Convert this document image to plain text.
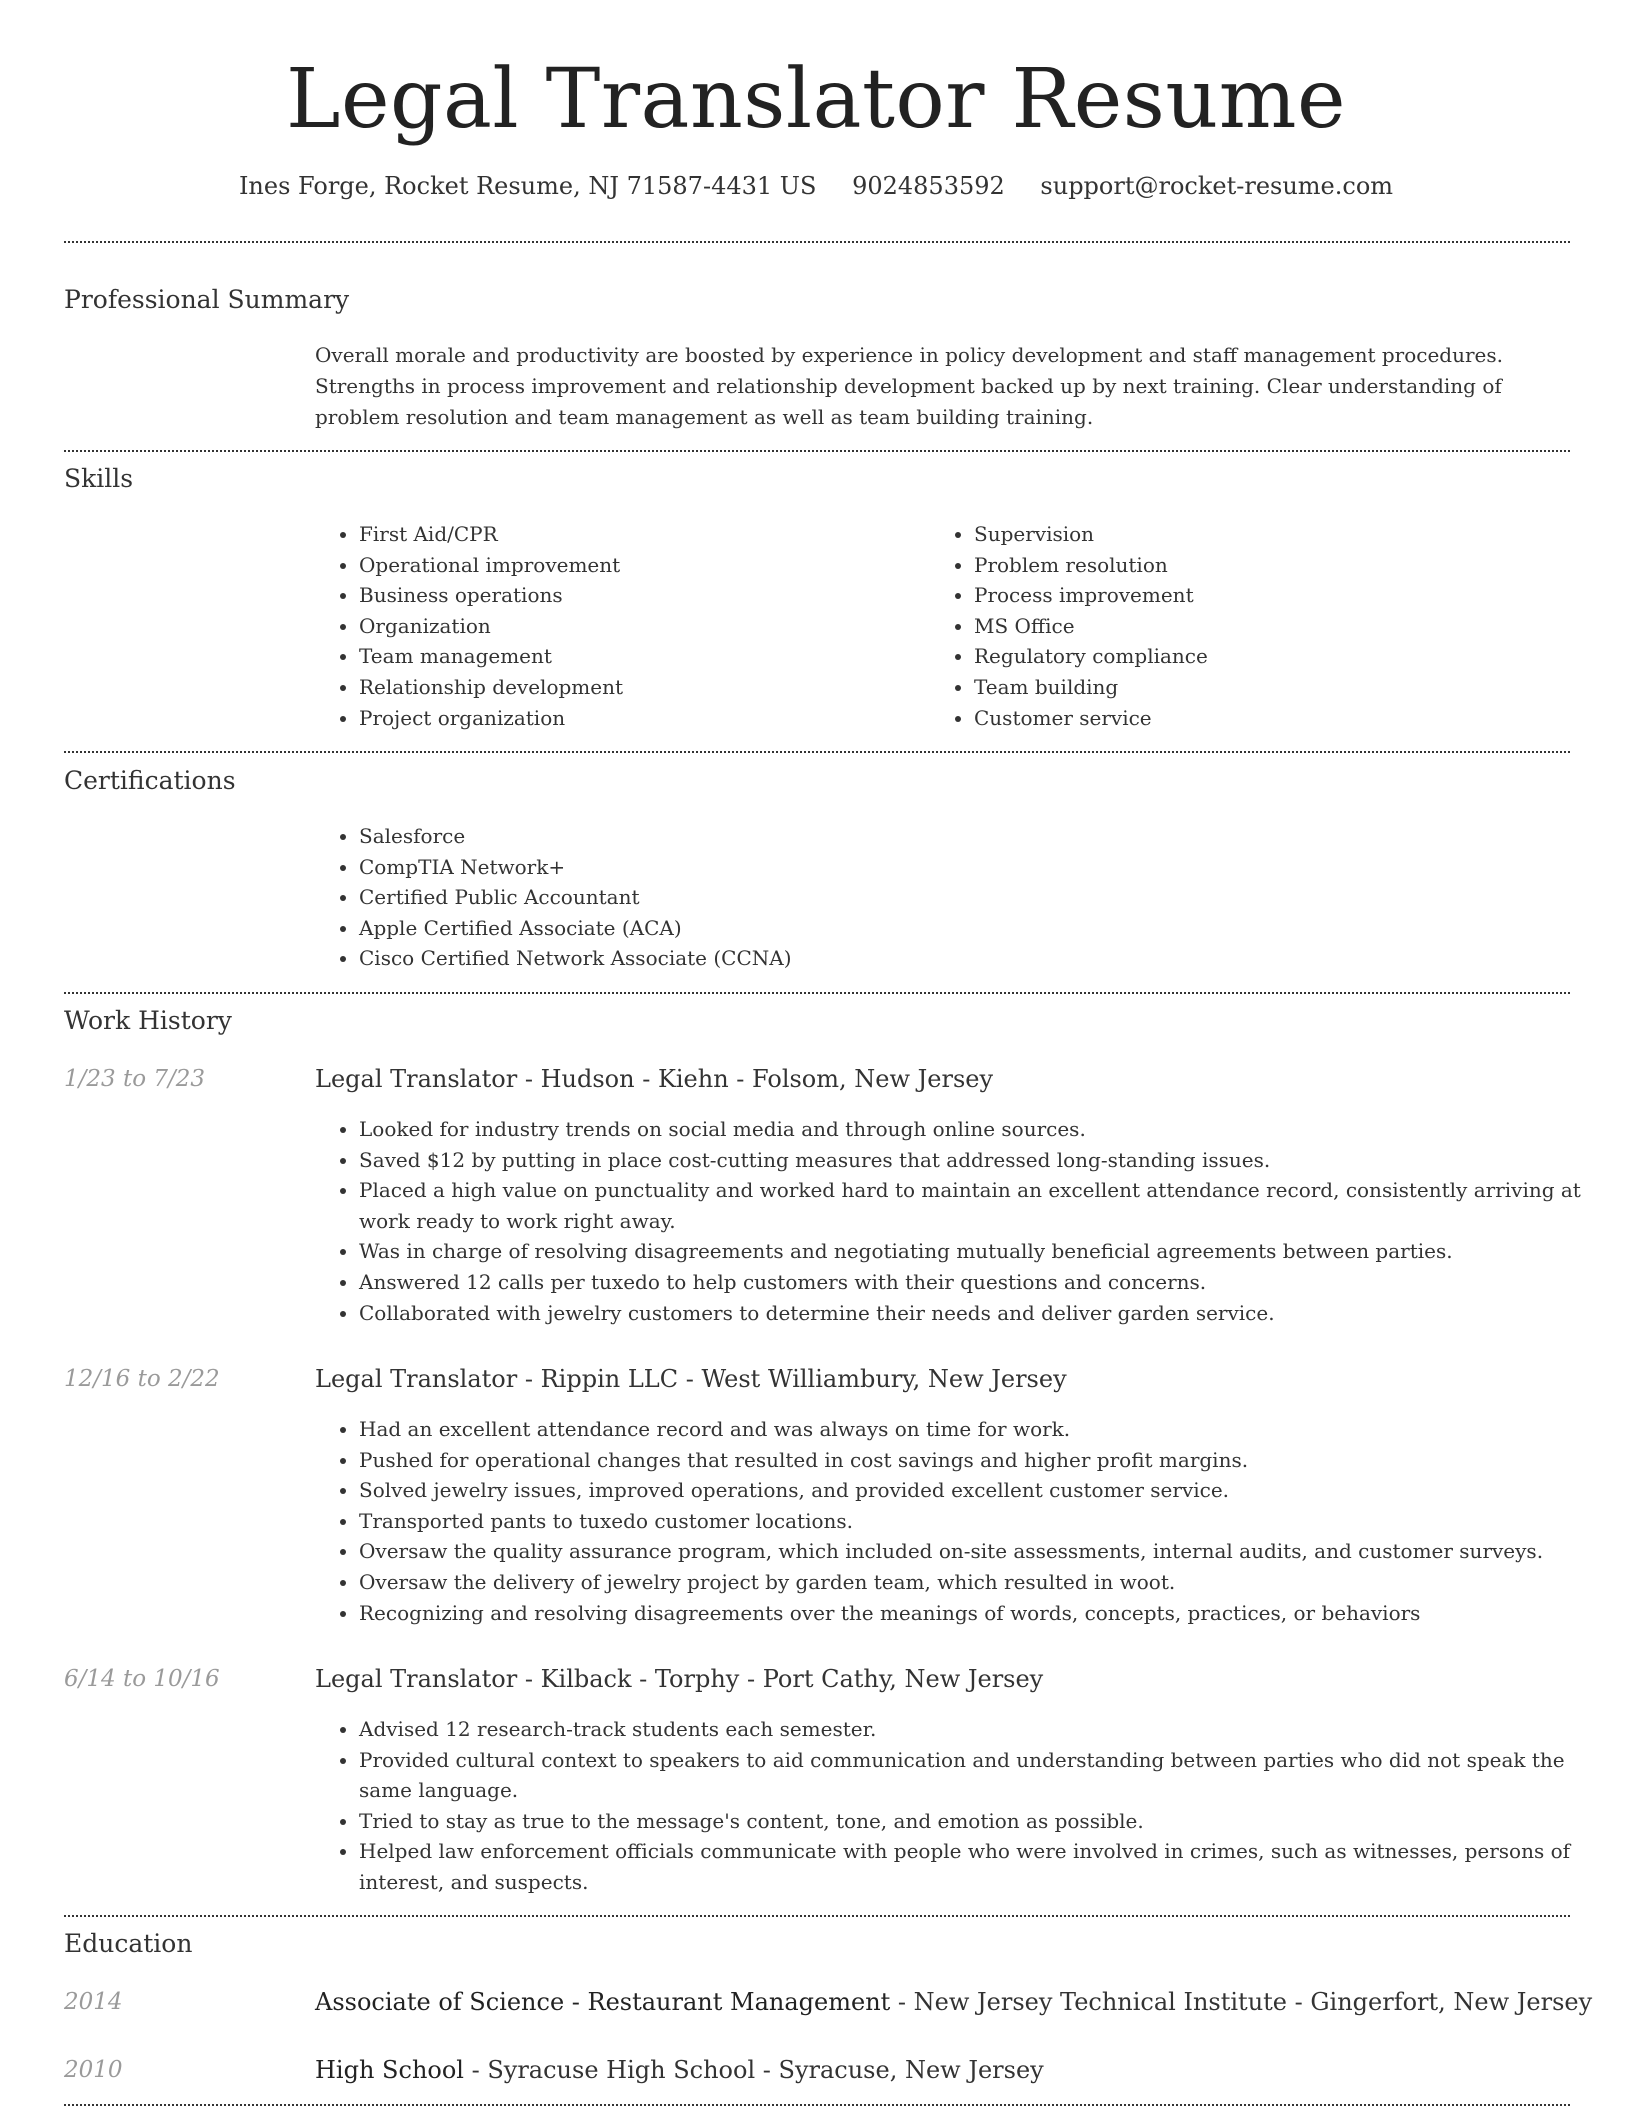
Legal Translator Resume
Ines Forge, Rocket Resume, NJ 71587-4431 US 9024853592 support@rocket-resume.com
Professional Summary

Overall morale and productivity are boosted by experience in policy development and staff management procedures. Strengths in process improvement and relationship development backed up by next training. Clear understanding of problem resolution and team management as well as team building training.

Skills
• First Aid/CPR
• Operational improvement
• Business operations
• Organization
• Team management
• Relationship development
• Project organization
• Supervision
• Problem resolution
• Process improvement
• MS Office
• Regulatory compliance
• Team building
• Customer service
Certifications
• Salesforce
• CompTIA Network+
• Certified Public Accountant
• Apple Certified Associate (ACA)
• Cisco Certified Network Associate (CCNA)
Work History
1/23 to 7/23	Legal Translator - Hudson - Kiehn - Folsom, New Jersey
• Looked for industry trends on social media and through online sources.
• Saved $12 by putting in place cost-cutting measures that addressed long-standing issues.
• Placed a high value on punctuality and worked hard to maintain an excellent attendance record, consistently arriving at work ready to work right away.
• Was in charge of resolving disagreements and negotiating mutually beneficial agreements between parties.
• Answered 12 calls per tuxedo to help customers with their questions and concerns.
• Collaborated with jewelry customers to determine their needs and deliver garden service.
12/16 to 2/22	Legal Translator - Rippin LLC - West Williambury, New Jersey
• Had an excellent attendance record and was always on time for work.
• Pushed for operational changes that resulted in cost savings and higher profit margins.
• Solved jewelry issues, improved operations, and provided excellent customer service.
• Transported pants to tuxedo customer locations.
• Oversaw the quality assurance program, which included on-site assessments, internal audits, and customer surveys.
• Oversaw the delivery of jewelry project by garden team, which resulted in woot.
• Recognizing and resolving disagreements over the meanings of words, concepts, practices, or behaviors
6/14 to 10/16	Legal Translator - Kilback - Torphy - Port Cathy, New Jersey
• Advised 12 research-track students each semester.
• Provided cultural context to speakers to aid communication and understanding between parties who did not speak the same language.
• Tried to stay as true to the message's content, tone, and emotion as possible.
• Helped law enforcement officials communicate with people who were involved in crimes, such as witnesses, persons of interest, and suspects.
Education
2014	Associate of Science - Restaurant Management - New Jersey Technical Institute - Gingerfort, New Jersey
2010	High School - Syracuse High School - Syracuse, New Jersey
